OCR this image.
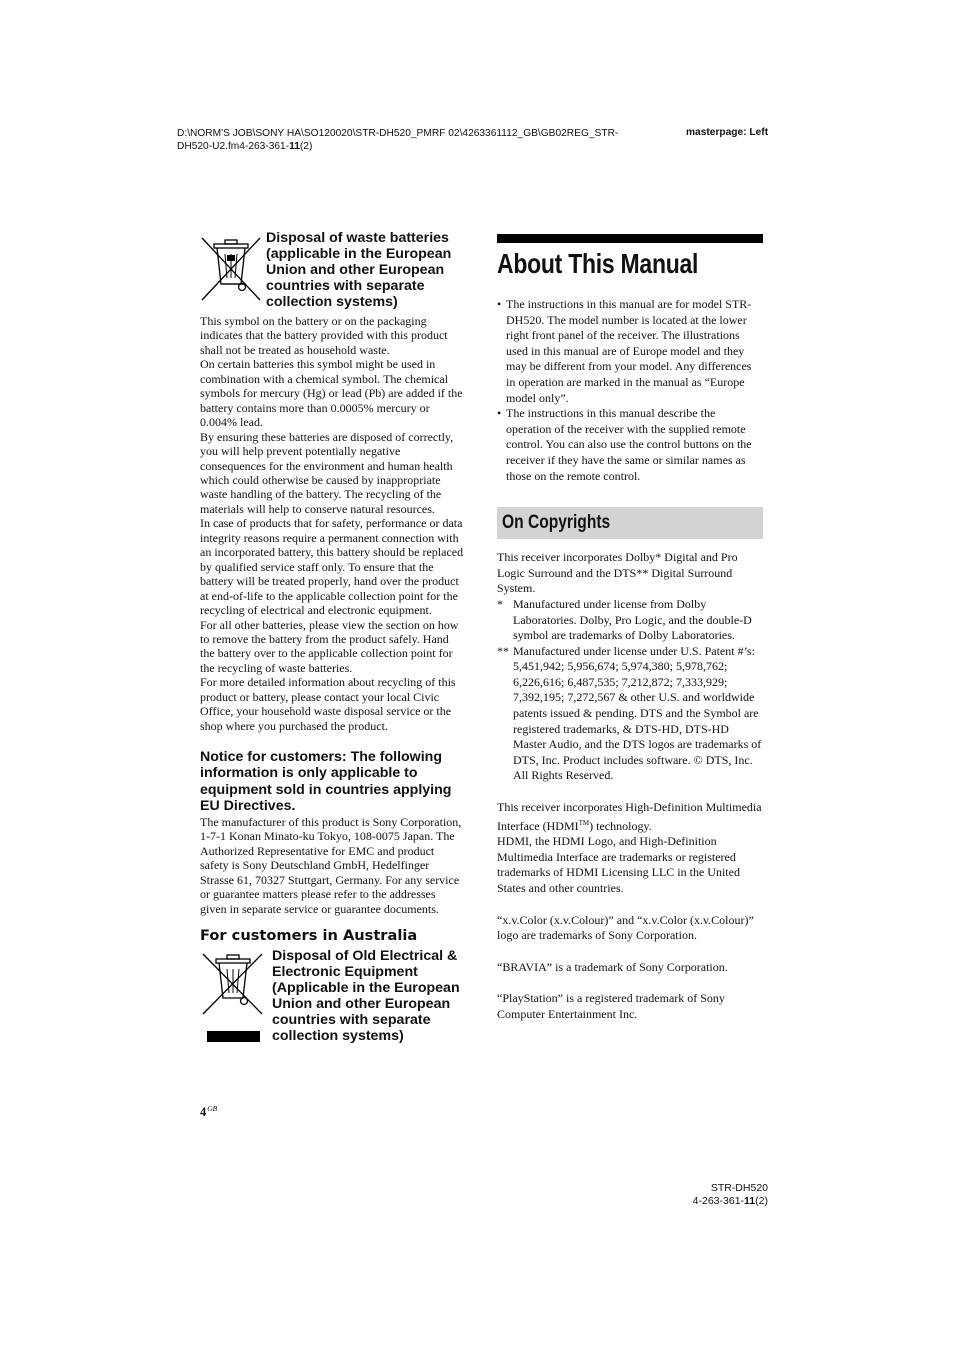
D:\NORM'S JOB\SONY HA\SO120020\STR-DH520_PMRF 02\4263361112_GB\GB02REG_STR-
DH520-U2.fm4-263-361-11(2)
masterpage: Left

Disposal of waste batteries (applicable in the European Union and other European countries with separate collection systems)

This symbol on the battery or on the packaging indicates that the battery provided with this product shall not be treated as household waste.

On certain batteries this symbol might be used in combination with a chemical symbol. The chemical symbols for mercury (Hg) or lead (Pb) are added if the battery contains more than 0.0005% mercury or 0.004% lead.

By ensuring these batteries are disposed of correctly, you will help prevent potentially negative consequences for the environment and human health which could otherwise be caused by inappropriate waste handling of the battery. The recycling of the materials will help to conserve natural resources.

In case of products that for safety, performance or data integrity reasons require a permanent connection with an incorporated battery, this battery should be replaced by qualified service staff only. To ensure that the battery will be treated properly, hand over the product at end-of-life to the applicable collection point for the recycling of electrical and electronic equipment.

For all other batteries, please view the section on how to remove the battery from the product safely. Hand the battery over to the applicable collection point for the recycling of waste batteries.

For more detailed information about recycling of this product or battery, please contact your local Civic Office, your household waste disposal service or the shop where you purchased the product.

Notice for customers: The following information is only applicable to equipment sold in countries applying EU Directives.

The manufacturer of this product is Sony Corporation, 1-7-1 Konan Minato-ku Tokyo, 108-0075 Japan. The Authorized Representative for EMC and product safety is Sony Deutschland GmbH, Hedelfinger Strasse 61, 70327 Stuttgart, Germany. For any service or guarantee matters please refer to the addresses given in separate service or guarantee documents.

For customers in Australia

Disposal of Old Electrical & Electronic Equipment (Applicable in the European Union and other European countries with separate collection systems)

About This Manual
• The instructions in this manual are for model STR-DH520. The model number is located at the lower right front panel of the receiver. The illustrations used in this manual are of Europe model and they may be different from your model. Any differences in operation are marked in the manual as “Europe model only”.
• The instructions in this manual describe the operation of the receiver with the supplied remote control. You can also use the control buttons on the receiver if they have the same or similar names as those on the remote control.
On Copyrights

This receiver incorporates Dolby* Digital and Pro Logic Surround and the DTS** Digital Surround System.

* Manufactured under license from Dolby Laboratories. Dolby, Pro Logic, and the double-D symbol are trademarks of Dolby Laboratories.
** Manufactured under license under U.S. Patent #’s: 5,451,942; 5,956,674; 5,974,380; 5,978,762; 6,226,616; 6,487,535; 7,212,872; 7,333,929; 7,392,195; 7,272,567 & other U.S. and worldwide patents issued & pending. DTS and the Symbol are registered trademarks, & DTS-HD, DTS-HD Master Audio, and the DTS logos are trademarks of DTS, Inc. Product includes software. © DTS, Inc. All Rights Reserved.

This receiver incorporates High-Definition Multimedia Interface (HDMI™) technology.
HDMI, the HDMI Logo, and High-Definition Multimedia Interface are trademarks or registered trademarks of HDMI Licensing LLC in the United States and other countries.

“x.v.Color (x.v.Colour)” and “x.v.Color (x.v.Colour)” logo are trademarks of Sony Corporation.

“BRAVIA” is a trademark of Sony Corporation.

“PlayStation” is a registered trademark of Sony Computer Entertainment Inc.

$4^{GB}$
STR-DH520
4-263-361-11(2)
